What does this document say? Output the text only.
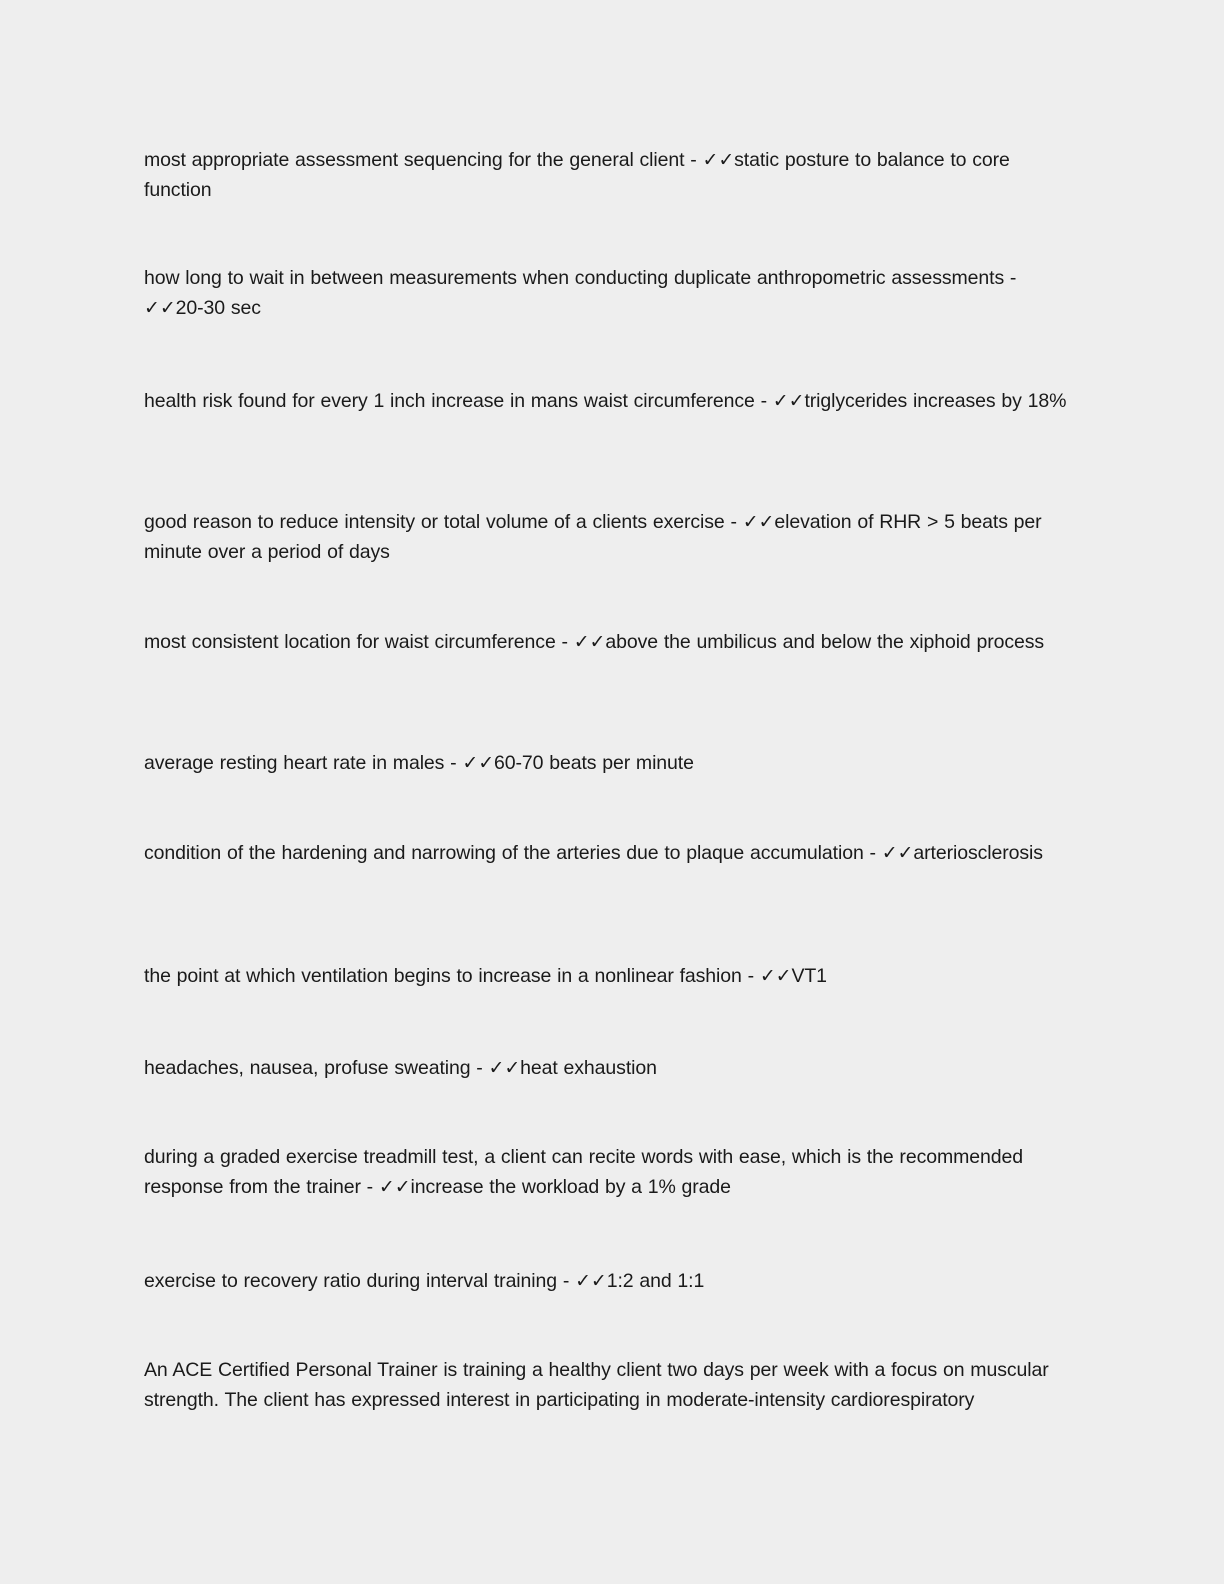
most appropriate assessment sequencing for the general client - ✓✓static posture to balance to core function

how long to wait in between measurements when conducting duplicate anthropometric assessments - ✓✓20-30 sec

health risk found for every 1 inch increase in mans waist circumference - ✓✓triglycerides increases by 18%

good reason to reduce intensity or total volume of a clients exercise - ✓✓elevation of RHR > 5 beats per minute over a period of days

most consistent location for waist circumference - ✓✓above the umbilicus and below the xiphoid process

average resting heart rate in males - ✓✓60-70 beats per minute

condition of the hardening and narrowing of the arteries due to plaque accumulation - ✓✓arteriosclerosis

the point at which ventilation begins to increase in a nonlinear fashion - ✓✓VT1

headaches, nausea, profuse sweating - ✓✓heat exhaustion

during a graded exercise treadmill test, a client can recite words with ease, which is the recommended response from the trainer - ✓✓increase the workload by a 1% grade

exercise to recovery ratio during interval training - ✓✓1:2 and 1:1

An ACE Certified Personal Trainer is training a healthy client two days per week with a focus on muscular strength. The client has expressed interest in participating in moderate-intensity cardiorespiratory
